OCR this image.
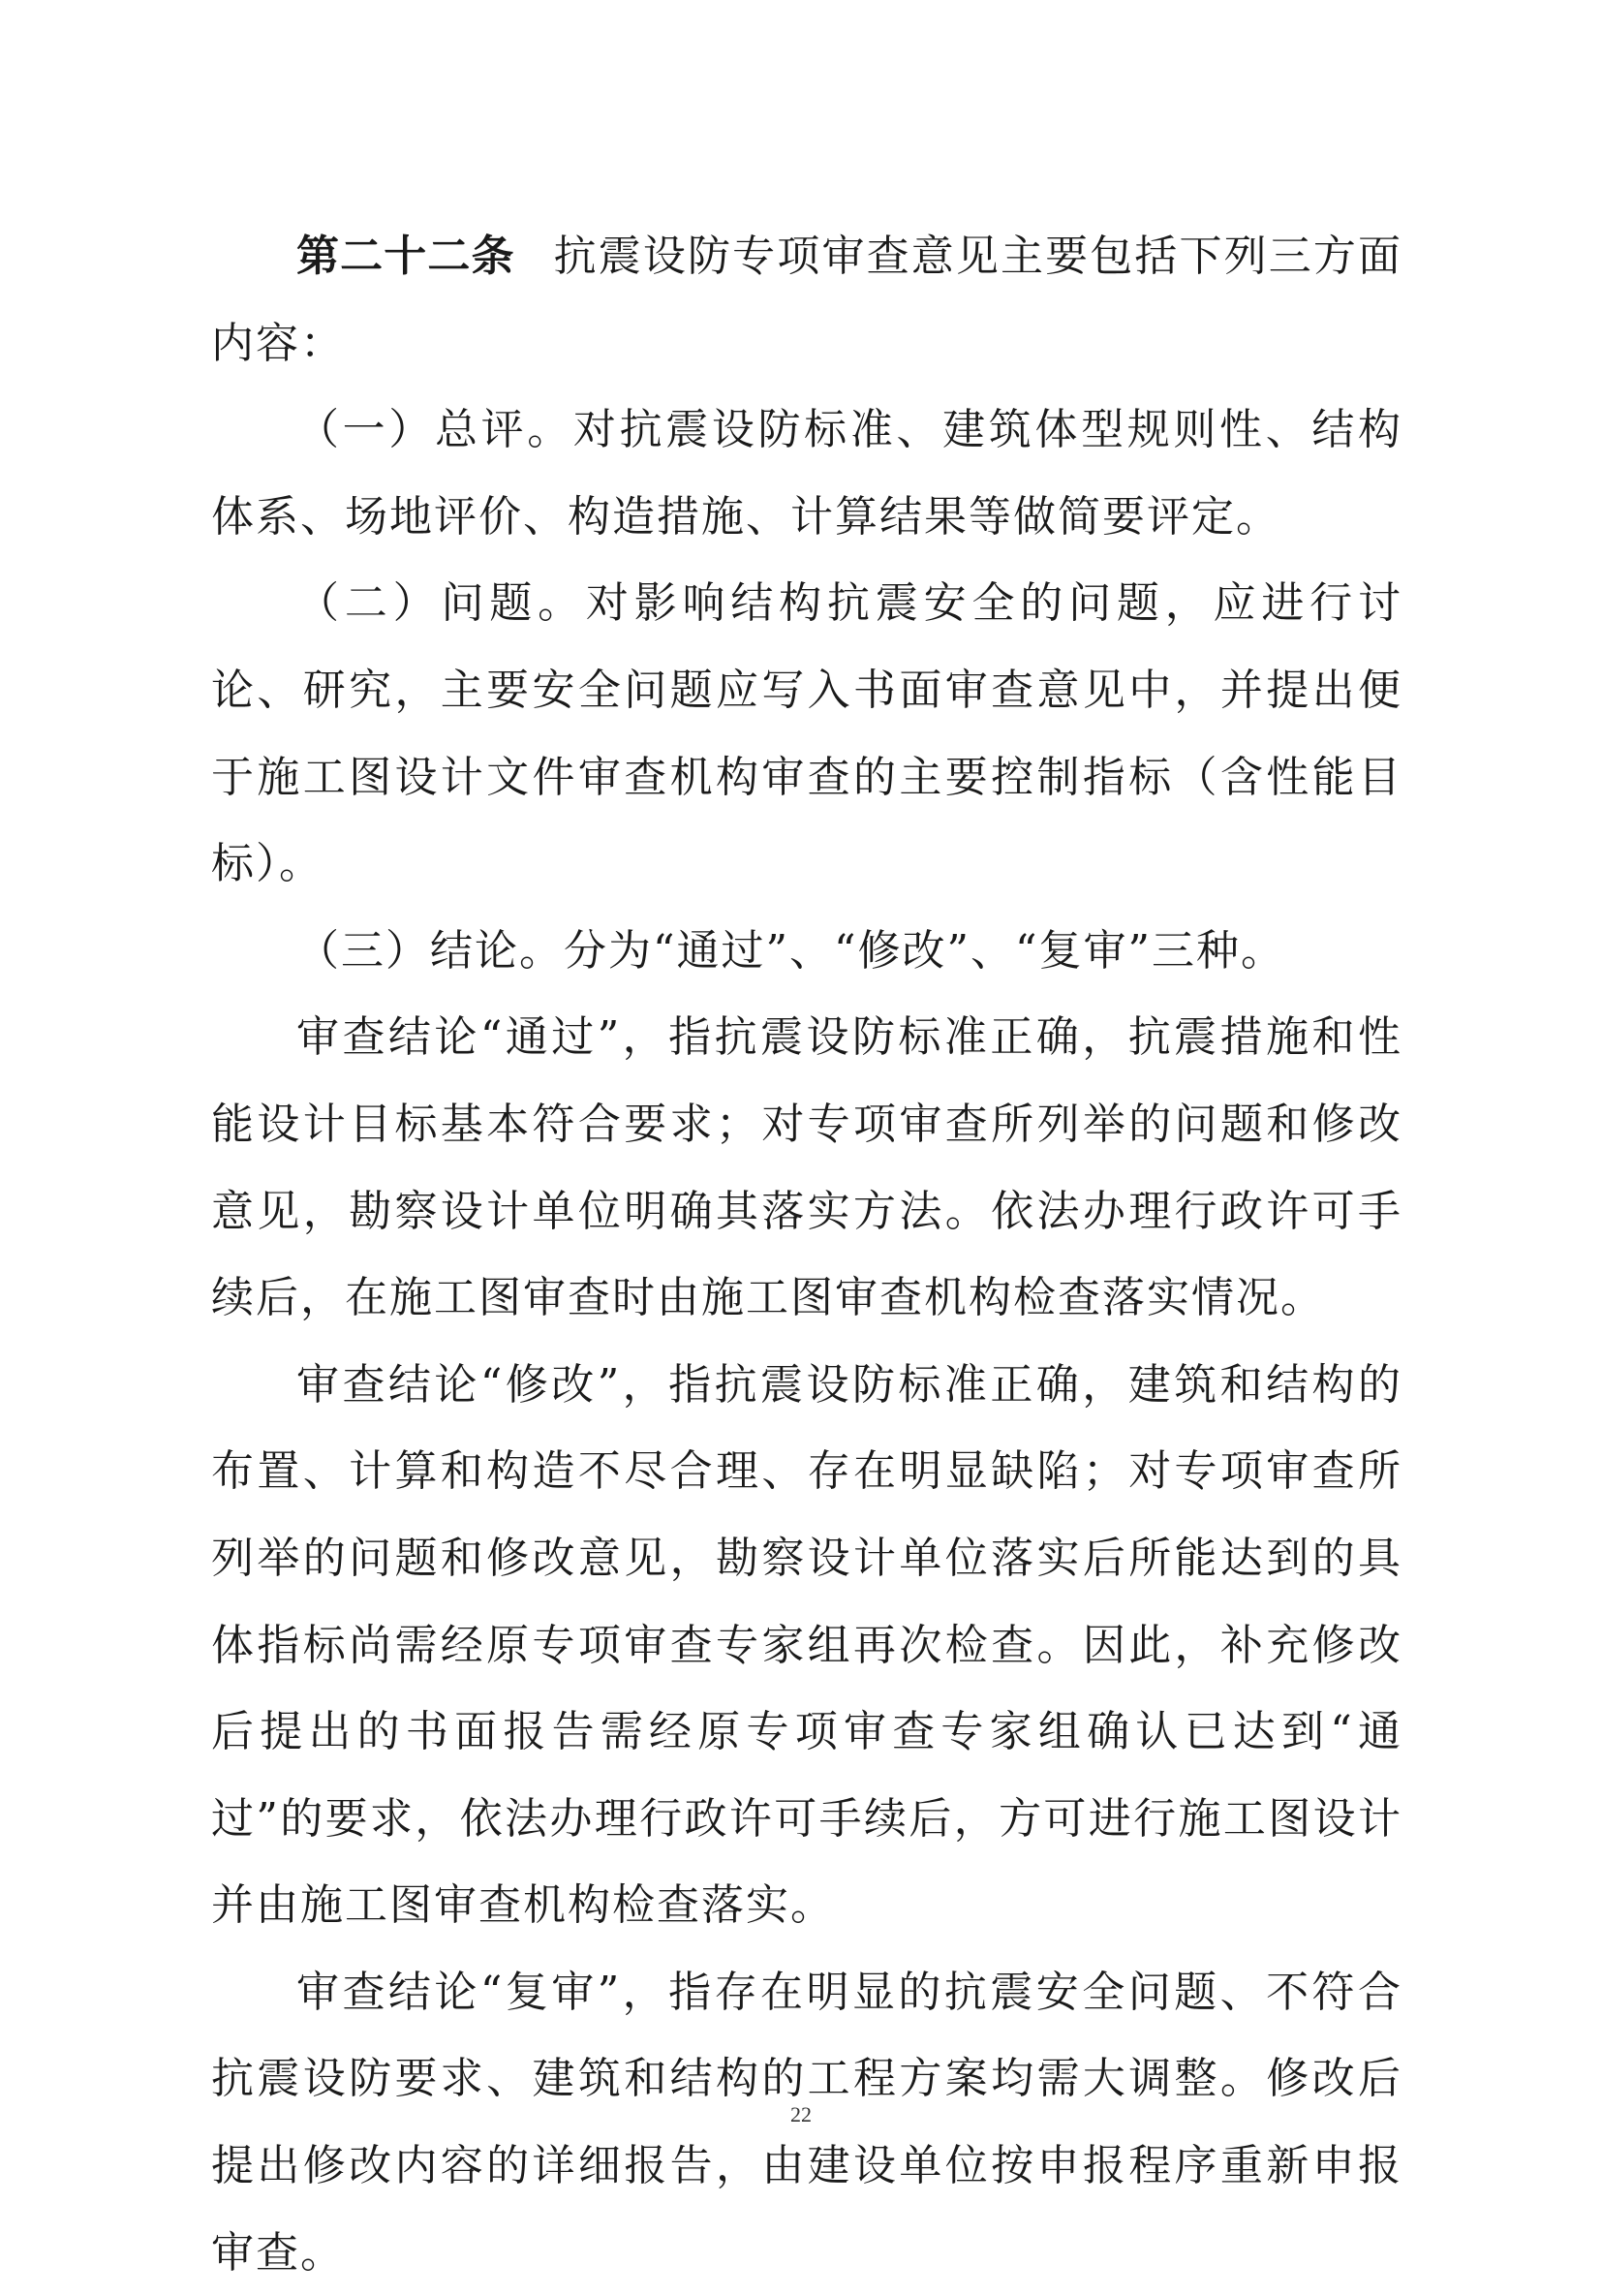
第二十二条 抗震设防专项审查意见主要包括下列三方面内容：

（一）总评。对抗震设防标准、建筑体型规则性、结构体系、场地评价、构造措施、计算结果等做简要评定。

（二）问题。对影响结构抗震安全的问题，应进行讨论、研究，主要安全问题应写入书面审查意见中，并提出便于施工图设计文件审查机构审查的主要控制指标（含性能目标）。

（三）结论。分为“通过”、“修改”、“复审”三种。

审查结论“通过”，指抗震设防标准正确，抗震措施和性能设计目标基本符合要求；对专项审查所列举的问题和修改意见，勘察设计单位明确其落实方法。依法办理行政许可手续后，在施工图审查时由施工图审查机构检查落实情况。

审查结论“修改”，指抗震设防标准正确，建筑和结构的布置、计算和构造不尽合理、存在明显缺陷；对专项审查所列举的问题和修改意见，勘察设计单位落实后所能达到的具体指标尚需经原专项审查专家组再次检查。因此，补充修改后提出的书面报告需经原专项审查专家组确认已达到“通过”的要求，依法办理行政许可手续后，方可进行施工图设计并由施工图审查机构检查落实。

审查结论“复审”，指存在明显的抗震安全问题、不符合抗震设防要求、建筑和结构的工程方案均需大调整。修改后提出修改内容的详细报告，由建设单位按申报程序重新申报审查。

22
